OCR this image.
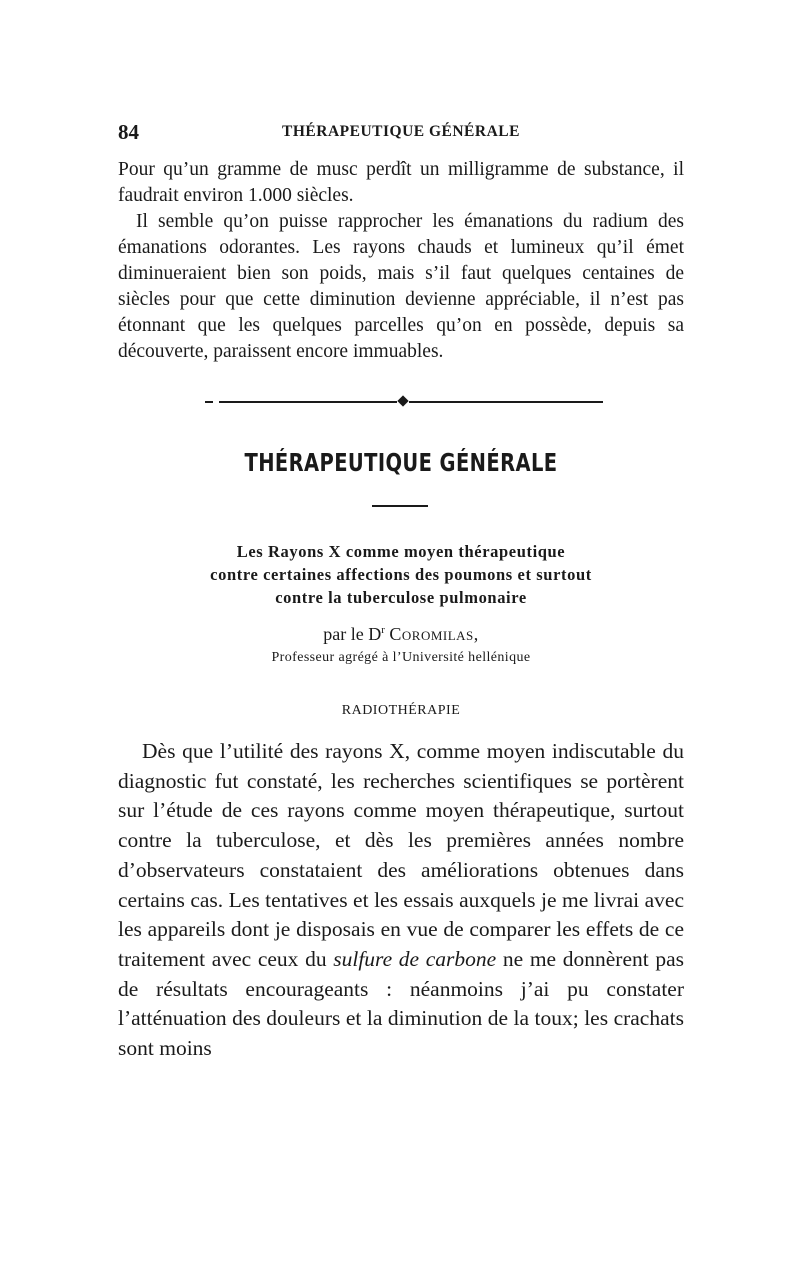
84	THÉRAPEUTIQUE GÉNÉRALE

Pour qu’un gramme de musc perdît un milligramme de substance, il faudrait environ 1.000 siècles.

Il semble qu’on puisse rapprocher les émanations du radium des émanations odorantes. Les rayons chauds et lumineux qu’il émet diminueraient bien son poids, mais s’il faut quelques centaines de siècles pour que cette diminution devienne appréciable, il n’est pas étonnant que les quelques parcelles qu’on en possède, depuis sa découverte, paraissent encore immuables.

THÉRAPEUTIQUE GÉNÉRALE
Les Rayons X comme moyen thérapeutique
contre certaines affections des poumons et surtout
contre la tuberculose pulmonaire
par le $D^r$ Coromilas,
Professeur agrégé à l’Université hellénique
RADIOTHÉRAPIE

Dès que l’utilité des rayons X, comme moyen indiscutable du diagnostic fut constaté, les recherches scientifiques se portèrent sur l’étude de ces rayons comme moyen thérapeutique, surtout contre la tuberculose, et dès les premières années nombre d’observateurs constataient des améliorations obtenues dans certains cas. Les tentatives et les essais auxquels je me livrai avec les appareils dont je disposais en vue de comparer les effets de ce traitement avec ceux du sulfure de carbone ne me donnèrent pas de résultats encourageants : néanmoins j’ai pu constater l’atténuation des douleurs et la diminution de la toux; les crachats sont moins
